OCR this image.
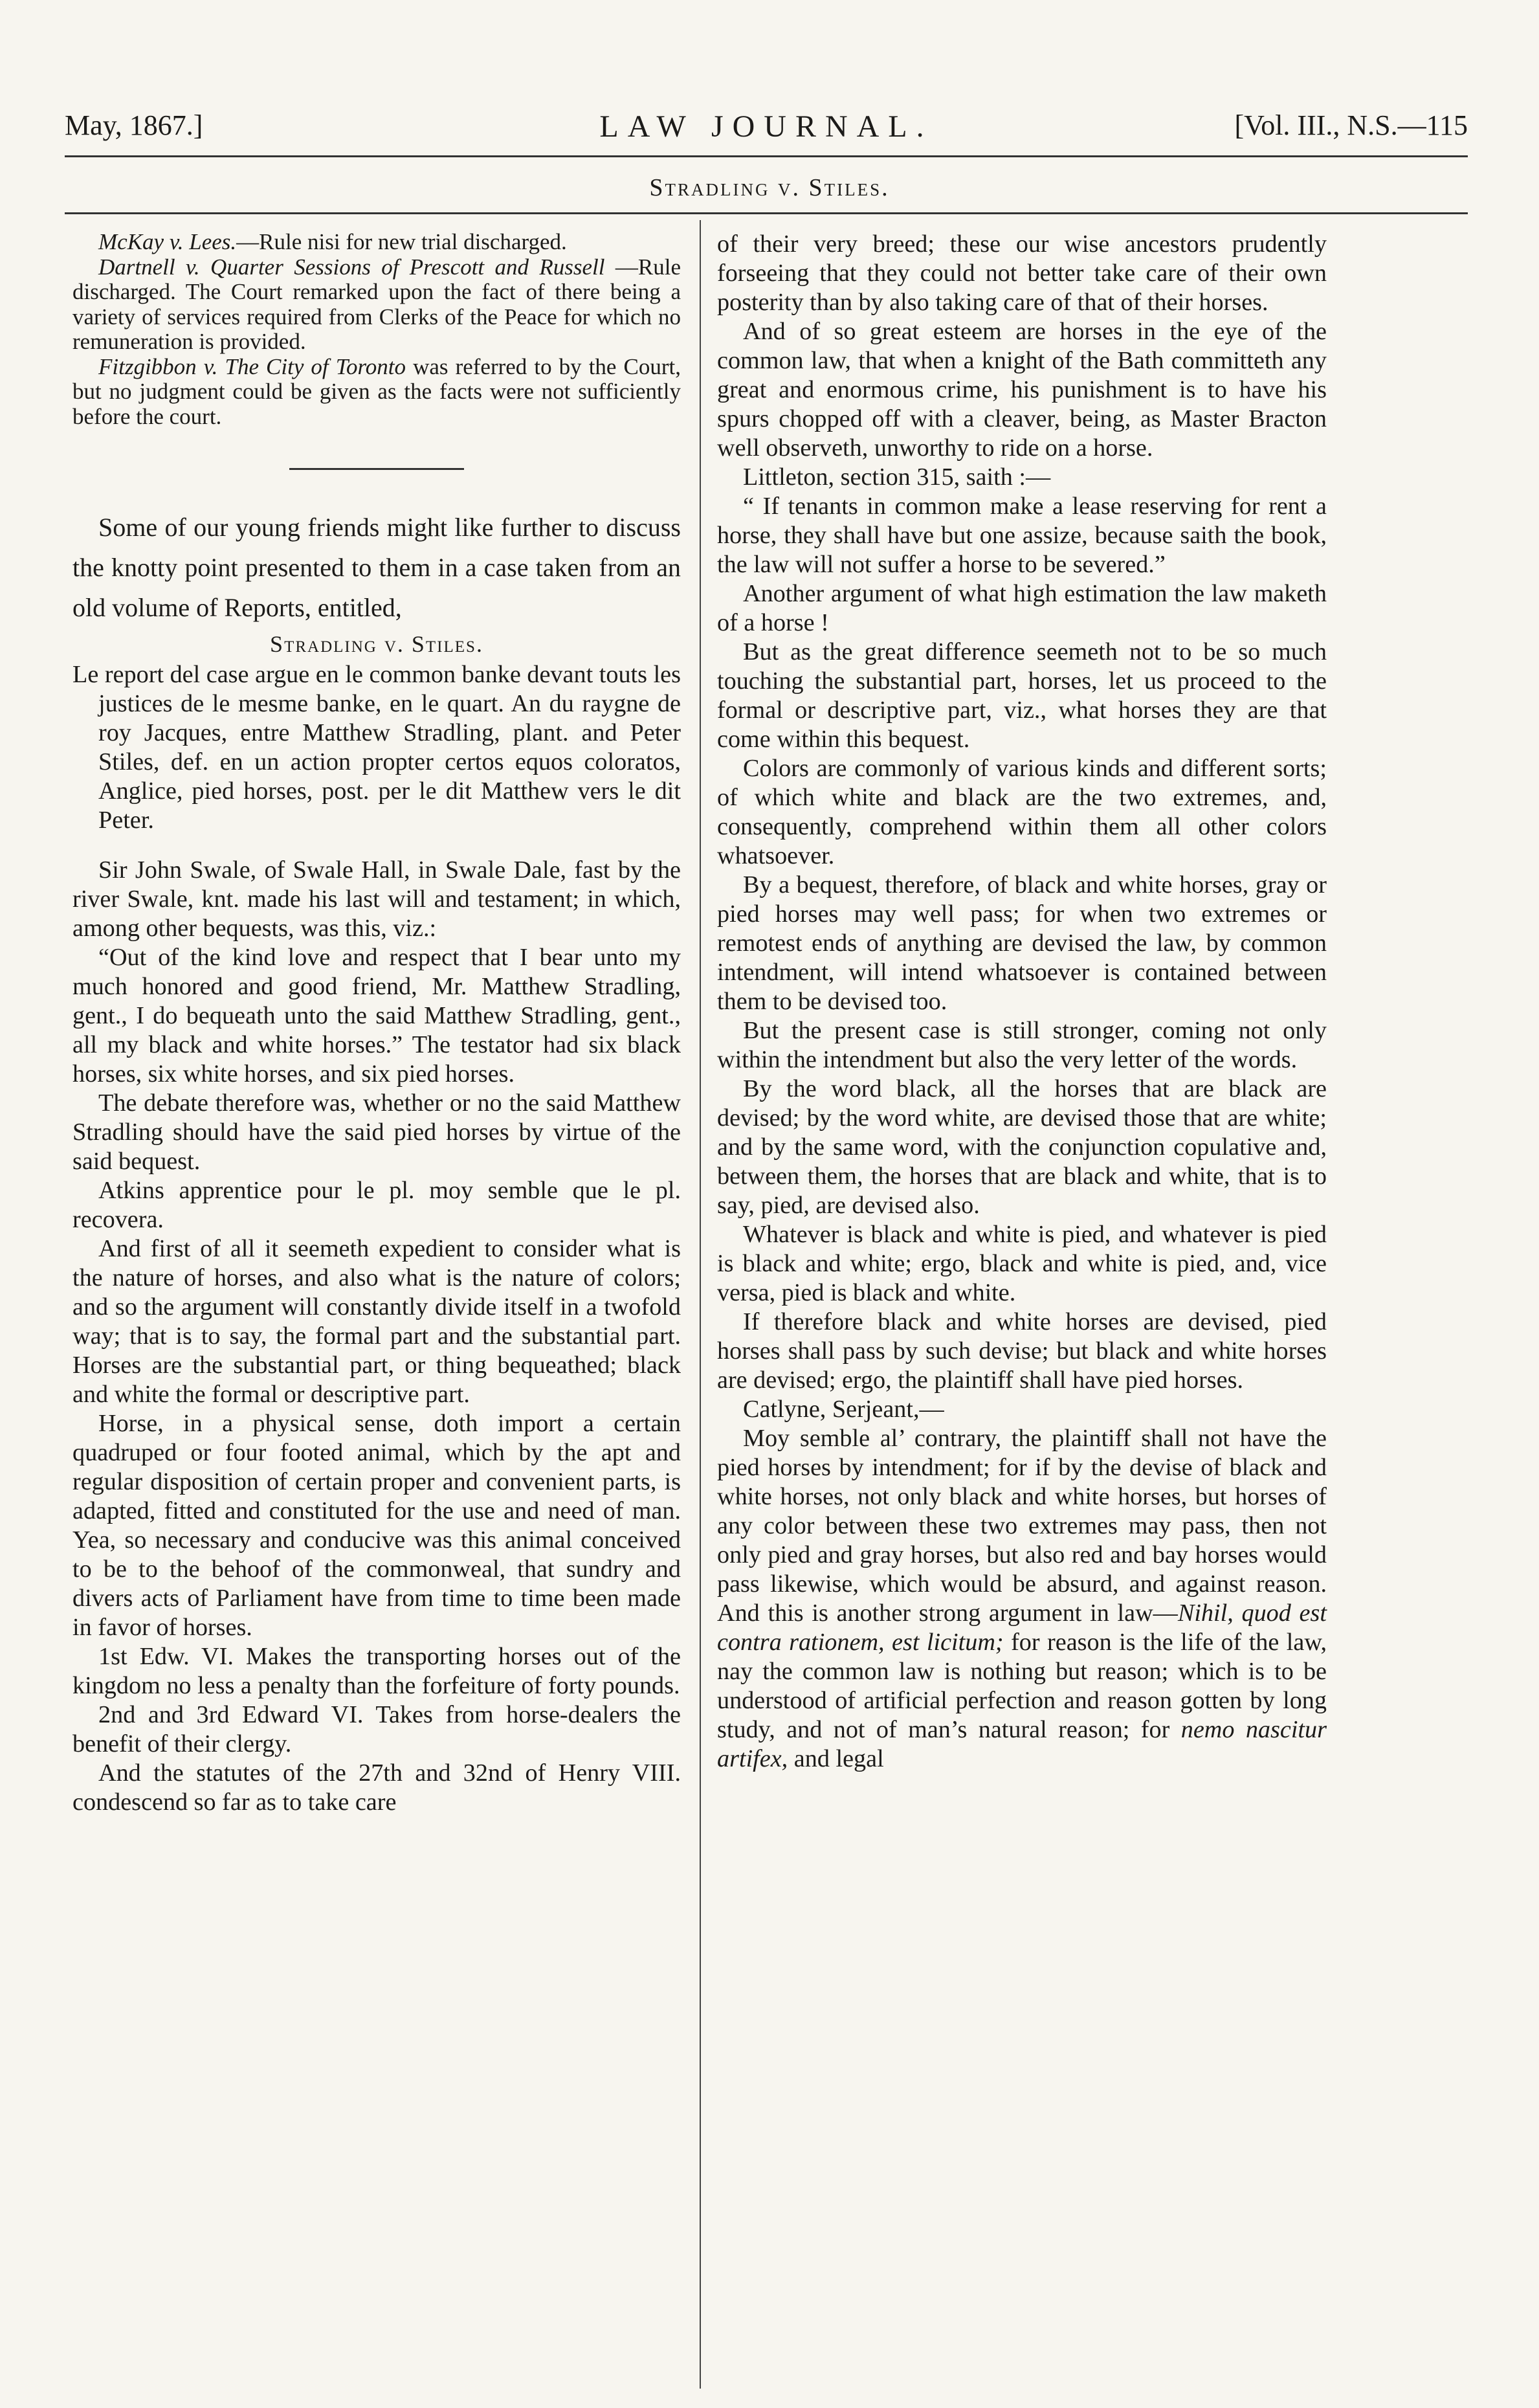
May, 1867.]	LAW JOURNAL.	[Vol. III., N.S.—115
Stradling v. Stiles.

McKay v. Lees.—Rule nisi for new trial discharged.

Dartnell v. Quarter Sessions of Prescott and Russell —Rule discharged. The Court remarked upon the fact of there being a variety of services required from Clerks of the Peace for which no remuneration is provided.

Fitzgibbon v. The City of Toronto was referred to by the Court, but no judgment could be given as the facts were not sufficiently before the court.

Some of our young friends might like further to discuss the knotty point presented to them in a case taken from an old volume of Reports, entitled,

Stradling v. Stiles.

Le report del case argue en le common banke devant touts les justices de le mesme banke, en le quart. An du raygne de roy Jacques, entre Matthew Stradling, plant. and Peter Stiles, def. en un action propter certos equos coloratos, Anglice, pied horses, post. per le dit Matthew vers le dit Peter.

Sir John Swale, of Swale Hall, in Swale Dale, fast by the river Swale, knt. made his last will and testament; in which, among other bequests, was this, viz.:

“Out of the kind love and respect that I bear unto my much honored and good friend, Mr. Matthew Stradling, gent., I do bequeath unto the said Matthew Stradling, gent., all my black and white horses.” The testator had six black horses, six white horses, and six pied horses.

The debate therefore was, whether or no the said Matthew Stradling should have the said pied horses by virtue of the said bequest.

Atkins apprentice pour le pl. moy semble que le pl. recovera.

And first of all it seemeth expedient to consider what is the nature of horses, and also what is the nature of colors; and so the argument will constantly divide itself in a twofold way; that is to say, the formal part and the substantial part. Horses are the substantial part, or thing bequeathed; black and white the formal or descriptive part.

Horse, in a physical sense, doth import a certain quadruped or four footed animal, which by the apt and regular disposition of certain proper and convenient parts, is adapted, fitted and constituted for the use and need of man. Yea, so necessary and conducive was this animal conceived to be to the behoof of the commonweal, that sundry and divers acts of Parliament have from time to time been made in favor of horses.

1st Edw. VI. Makes the transporting horses out of the kingdom no less a penalty than the forfeiture of forty pounds.

2nd and 3rd Edward VI. Takes from horse-dealers the benefit of their clergy.

And the statutes of the 27th and 32nd of Henry VIII. condescend so far as to take care

of their very breed; these our wise ancestors prudently forseeing that they could not better take care of their own posterity than by also taking care of that of their horses.

And of so great esteem are horses in the eye of the common law, that when a knight of the Bath committeth any great and enormous crime, his punishment is to have his spurs chopped off with a cleaver, being, as Master Bracton well observeth, unworthy to ride on a horse.

Littleton, section 315, saith :—

“ If tenants in common make a lease reserving for rent a horse, they shall have but one assize, because saith the book, the law will not suffer a horse to be severed.”

Another argument of what high estimation the law maketh of a horse !

But as the great difference seemeth not to be so much touching the substantial part, horses, let us proceed to the formal or descriptive part, viz., what horses they are that come within this bequest.

Colors are commonly of various kinds and different sorts; of which white and black are the two extremes, and, consequently, comprehend within them all other colors whatsoever.

By a bequest, therefore, of black and white horses, gray or pied horses may well pass; for when two extremes or remotest ends of anything are devised the law, by common intendment, will intend whatsoever is contained between them to be devised too.

But the present case is still stronger, coming not only within the intendment but also the very letter of the words.

By the word black, all the horses that are black are devised; by the word white, are devised those that are white; and by the same word, with the conjunction copulative and, between them, the horses that are black and white, that is to say, pied, are devised also.

Whatever is black and white is pied, and whatever is pied is black and white; ergo, black and white is pied, and, vice versa, pied is black and white.

If therefore black and white horses are devised, pied horses shall pass by such devise; but black and white horses are devised; ergo, the plaintiff shall have pied horses.

Catlyne, Serjeant,—

Moy semble al’ contrary, the plaintiff shall not have the pied horses by intendment; for if by the devise of black and white horses, not only black and white horses, but horses of any color between these two extremes may pass, then not only pied and gray horses, but also red and bay horses would pass likewise, which would be absurd, and against reason. And this is another strong argument in law—Nihil, quod est contra rationem, est licitum; for reason is the life of the law, nay the common law is nothing but reason; which is to be understood of artificial perfection and reason gotten by long study, and not of man’s natural reason; for nemo nascitur artifex, and legal
